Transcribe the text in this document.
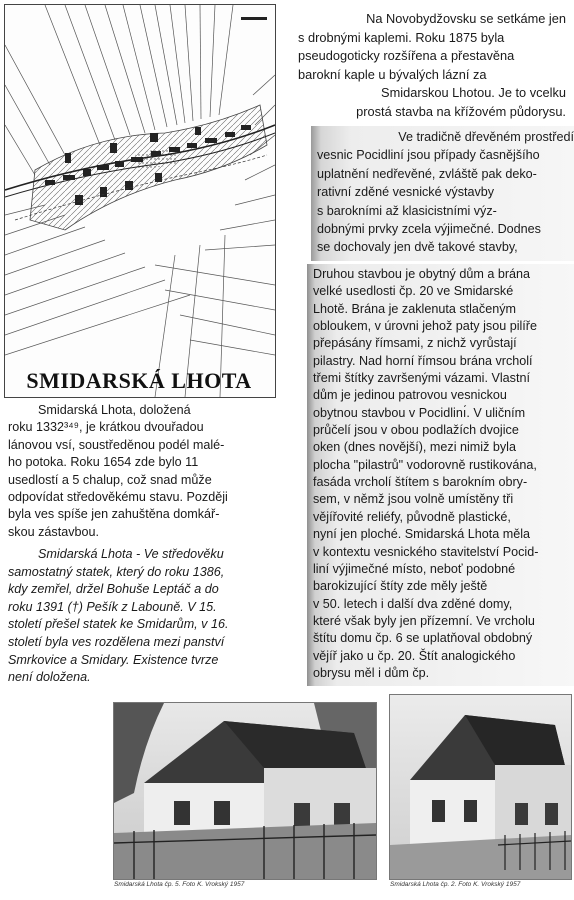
SMIDARSKÁ LHOTA
Na Novobydžovsku se setkáme jen
s drobnými kaplemi. Roku 1875 byla
pseudogoticky rozšířena a přestavěna
barokní kaple u bývalých lázní za
Smidarskou Lhotou. Je to vcelku
prostá stavba na křížovém půdorysu.
Ve tradičně dřevěném prostředí
vesnic Pocidliní jsou případy časnějšího
uplatnění nedřevěné, zvláště pak deko-
rativní zděné vesnické výstavby
s barokními až klasicistními výz-
dobnými prvky zcela výjimečné. Dodnes
se dochovaly jen dvě takové stavby,
Druhou stavbou je obytný dům a brána
velké usedlosti čp. 20 ve Smidarské
Lhotě. Brána je zaklenuta stlačeným
obloukem, v úrovni jehož paty jsou pilíře
přepásány římsami, z nichž vyrůstají
pilastry. Nad horní římsou brána vrcholí
třemi štítky završenými vázami. Vlastní
dům je jedinou patrovou vesnickou
obytnou stavbou v Pocidlinı́. V uličním
průčelí jsou v obou podlažích dvojice
oken (dnes novější), mezi nimiž byla
plocha "pilastrů" vodorovně rustikována,
fasáda vrcholí štítem s barokním obry-
sem, v němž jsou volně umístěny tři
vějířovité reliéfy, původně plastické,
nyní jen ploché. Smidarská Lhota měla
v kontextu vesnického stavitelství Pocid-
liní výjimečné místo, neboť podobné
barokizující štíty zde měly ještě
v 50. letech i další dva zděné domy,
které však byly jen přízemní. Ve vrcholu
štítu domu čp. 6 se uplatňoval obdobný
vějíř jako u čp. 20. Štít analogického
obrysu měl i dům čp.
Smidarská Lhota, doložená
roku 1332³⁴⁹, je krátkou dvouřadou
lánovou vsí, soustředěnou podél malé-
ho potoka. Roku 1654 zde bylo 11
usedlostí a 5 chalup, což snad může
odpovídat středověkému stavu. Později
byla ves spíše jen zahuštěna domkář-
skou zástavbou.
Smidarská Lhota - Ve středověku
samostatný statek, který do roku 1386,
kdy zemřel, držel Bohuše Leptáč a do
roku 1391 (†) Pešík z Labouně. V 15.
století přešel statek ke Smidarům, v 16.
století byla ves rozdělena mezi panství
Smrkovice a Smidary. Existence tvrze
není doložena.
Smidarská Lhota čp. 5. Foto K. Vrokský 1957	Smidarská Lhota čp. 2. Foto K. Vrokský 1957
